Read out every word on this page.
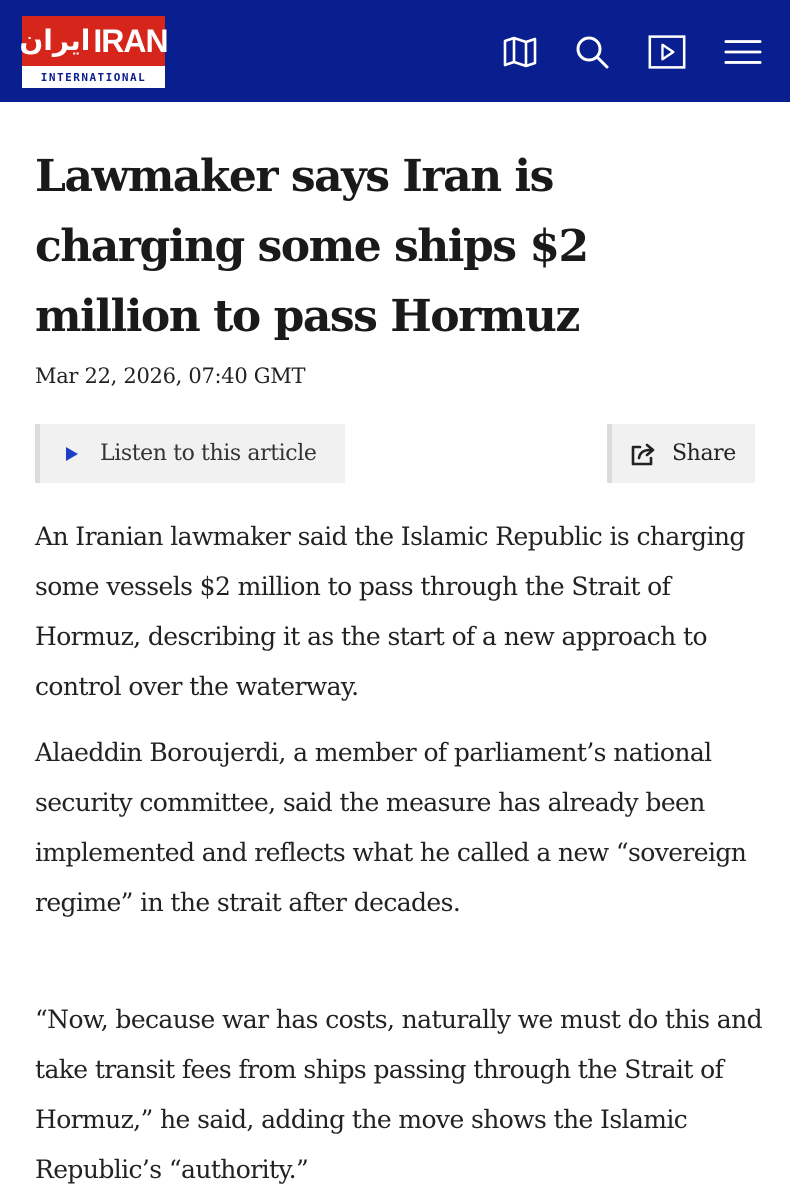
ایران IRAN
INTERNATIONAL
Lawmaker says Iran is charging some ships $2 million to pass Hormuz
Mar 22, 2026, 07:40 GMT
Listen to this article	Share

An Iranian lawmaker said the Islamic Republic is charging some vessels $2 million to pass through the Strait of Hormuz, describing it as the start of a new approach to control over the waterway.

Alaeddin Boroujerdi, a member of parliament’s national security committee, said the measure has already been implemented and reflects what he called a new “sovereign regime” in the strait after decades.

“Now, because war has costs, naturally we must do this and take transit fees from ships passing through the Strait of Hormuz,” he said, adding the move shows the Islamic Republic’s “authority.”
